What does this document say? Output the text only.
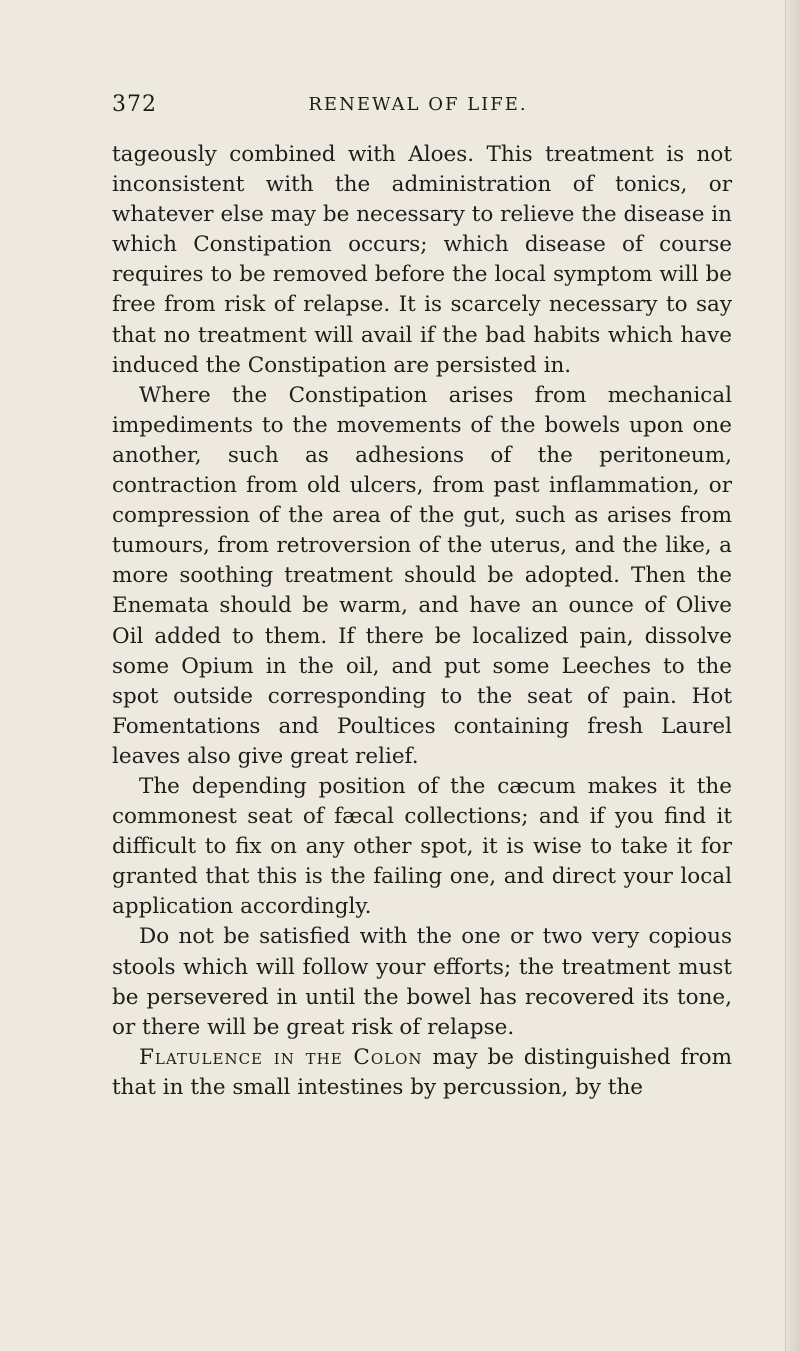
372	RENEWAL OF LIFE.

tageously combined with Aloes. This treatment is not inconsistent with the administration of tonics, or whatever else may be necessary to relieve the disease in which Constipation occurs; which disease of course requires to be removed before the local symptom will be free from risk of relapse. It is scarcely necessary to say that no treatment will avail if the bad habits which have induced the Constipation are persisted in.

Where the Constipation arises from mechanical impediments to the movements of the bowels upon one another, such as adhesions of the peritoneum, contraction from old ulcers, from past inflammation, or compression of the area of the gut, such as arises from tumours, from retroversion of the uterus, and the like, a more soothing treatment should be adopted. Then the Enemata should be warm, and have an ounce of Olive Oil added to them. If there be localized pain, dissolve some Opium in the oil, and put some Leeches to the spot outside corresponding to the seat of pain. Hot Fomentations and Poultices containing fresh Laurel leaves also give great relief.

The depending position of the cæcum makes it the commonest seat of fæcal collections; and if you find it difficult to fix on any other spot, it is wise to take it for granted that this is the failing one, and direct your local application accordingly.

Do not be satisfied with the one or two very copious stools which will follow your efforts; the treatment must be persevered in until the bowel has recovered its tone, or there will be great risk of relapse.

Flatulence in the Colon may be distinguished from that in the small intestines by percussion, by the
